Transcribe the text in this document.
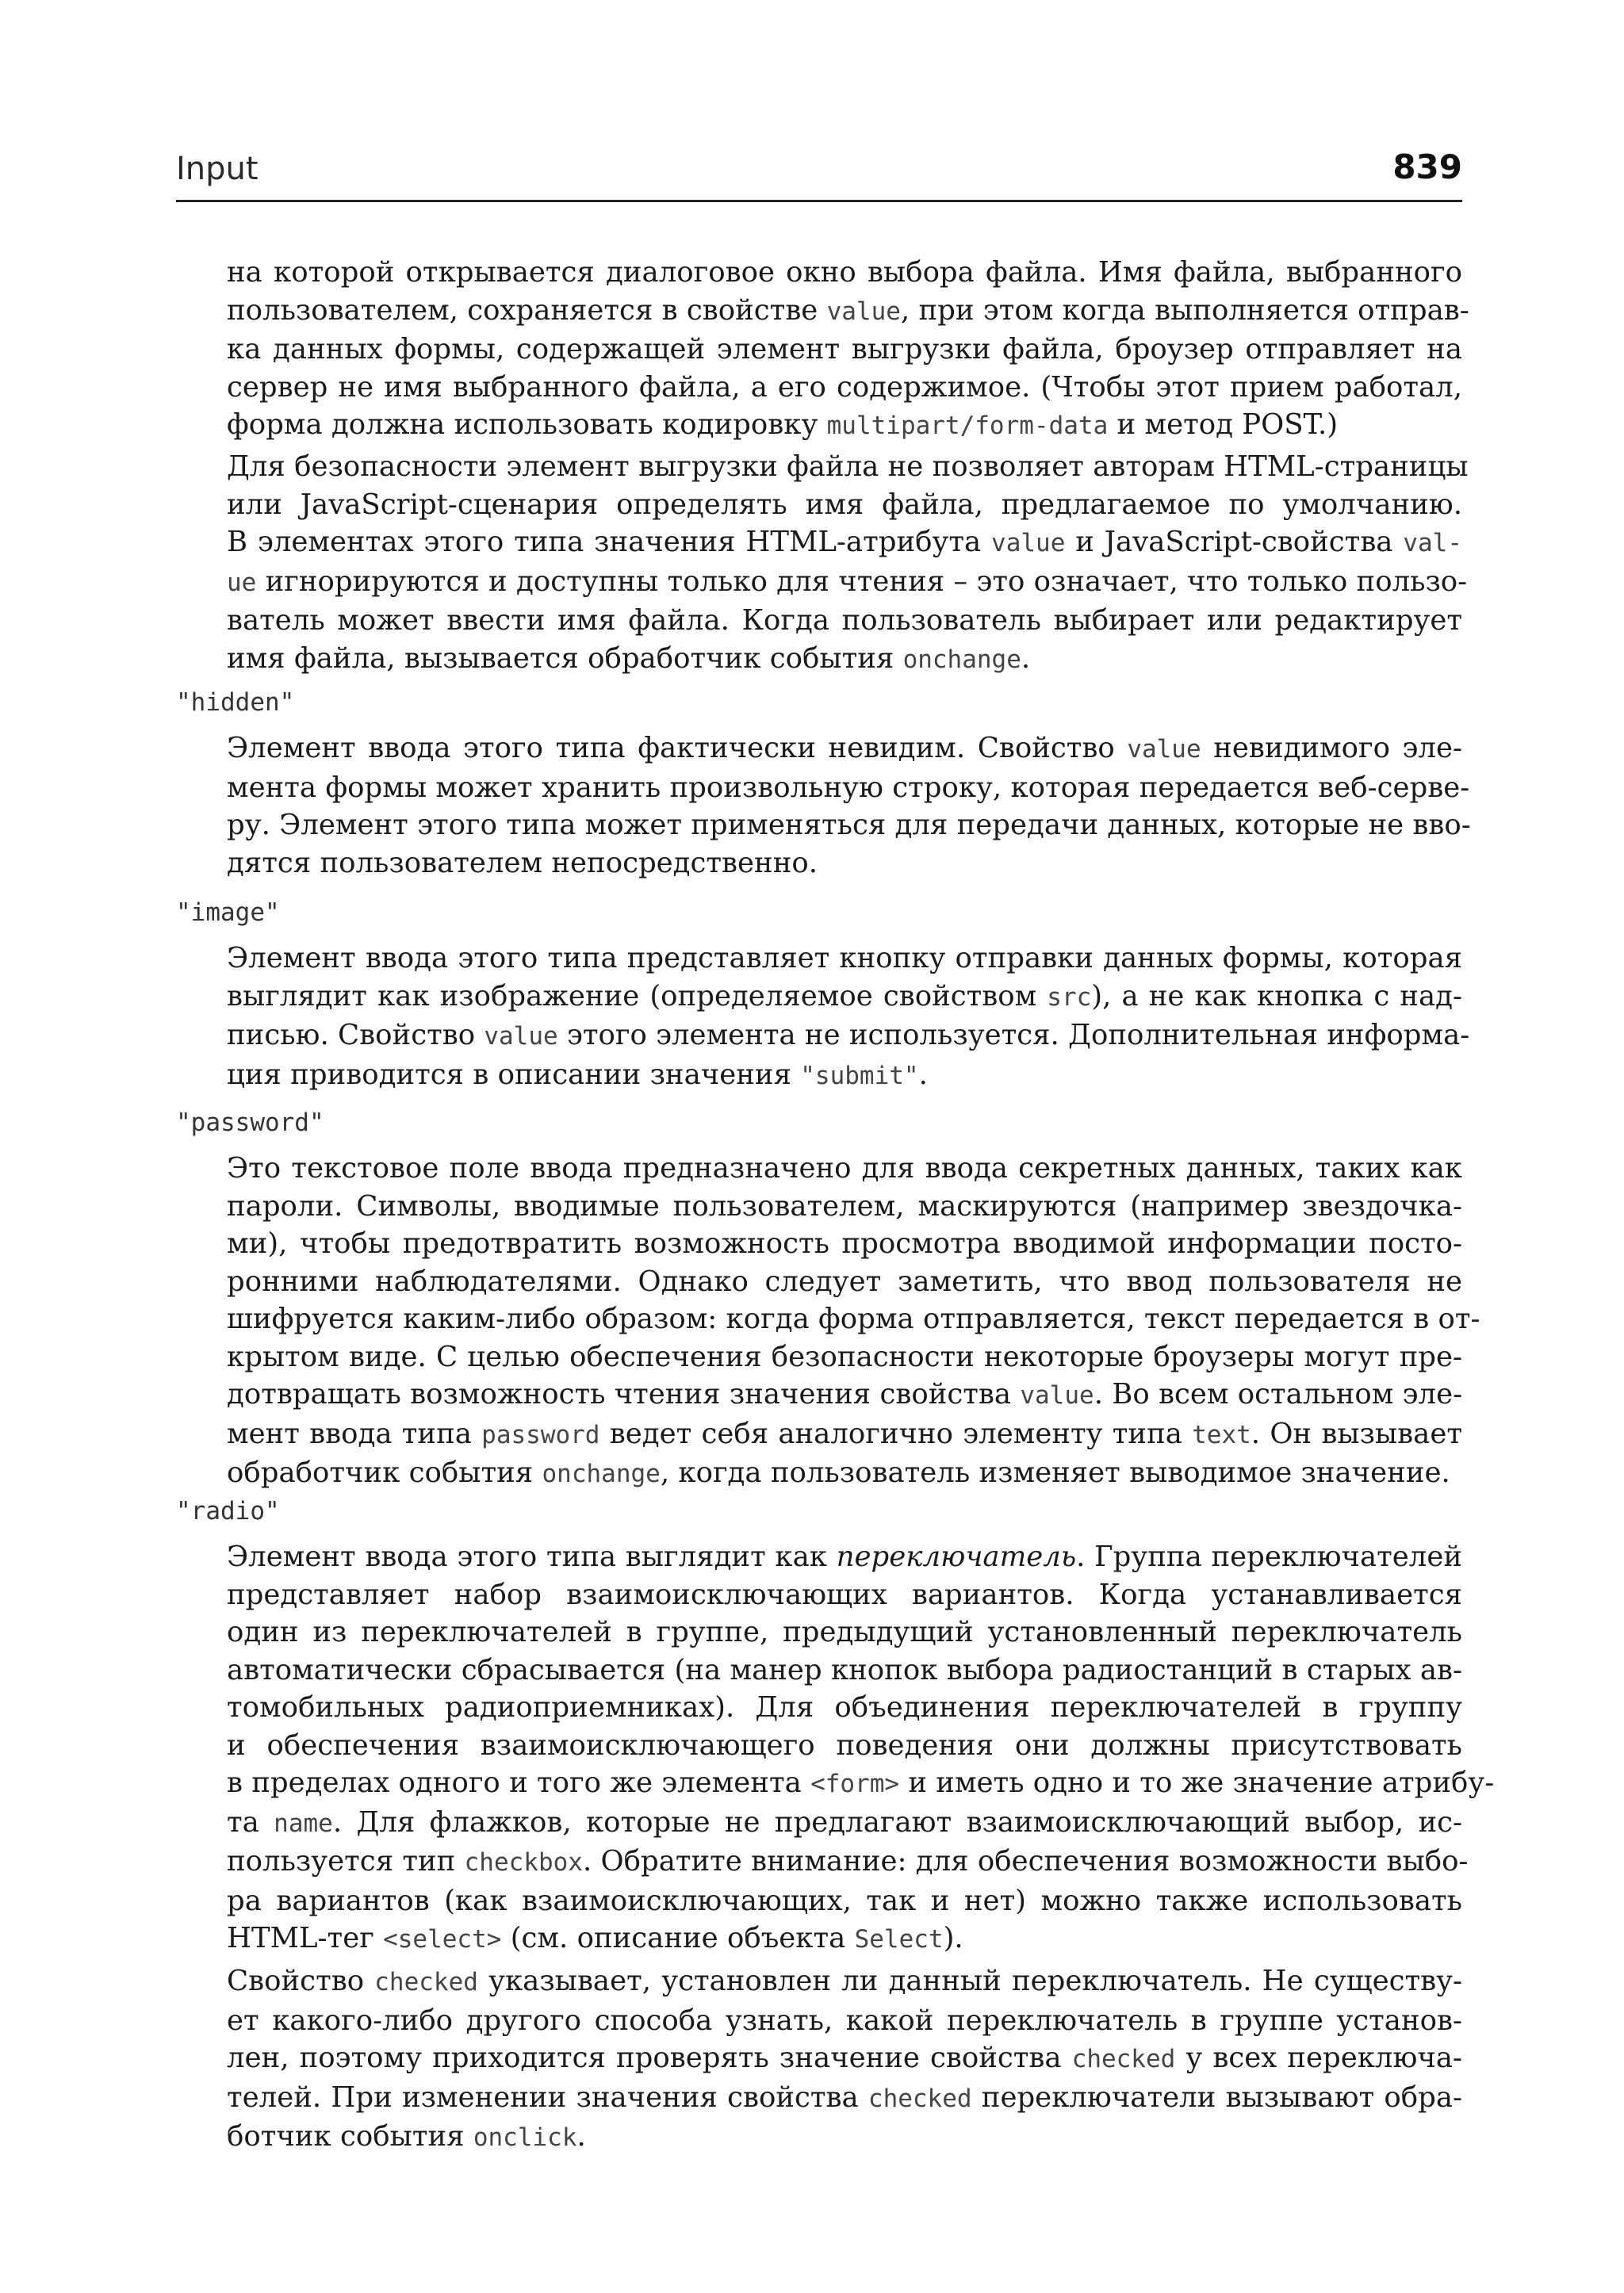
Input	839
"hidden"
"image"
"password"
"radio"
на которой открывается диалоговое окно выбора файла. Имя файла, выбранного
пользователем, сохраняется в свойстве value, при этом когда выполняется отправ-
ка данных формы, содержащей элемент выгрузки файла, броузер отправляет на
сервер не имя выбранного файла, а его содержимое. (Чтобы этот прием работал,
форма должна использовать кодировку multipart/form-data и метод POST.)
Для безопасности элемент выгрузки файла не позволяет авторам HTML-страницы
или JavaScript-сценария определять имя файла, предлагаемое по умолчанию.
В элементах этого типа значения HTML-атрибута value и JavaScript-свойства val-
ue игнорируются и доступны только для чтения – это означает, что только пользо-
ватель может ввести имя файла. Когда пользователь выбирает или редактирует
имя файла, вызывается обработчик события onchange.
Элемент ввода этого типа фактически невидим. Свойство value невидимого эле-
мента формы может хранить произвольную строку, которая передается веб-серве-
ру. Элемент этого типа может применяться для передачи данных, которые не вво-
дятся пользователем непосредственно.
Элемент ввода этого типа представляет кнопку отправки данных формы, которая
выглядит как изображение (определяемое свойством src), а не как кнопка с над-
писью. Свойство value этого элемента не используется. Дополнительная информа-
ция приводится в описании значения "submit".
Это текстовое поле ввода предназначено для ввода секретных данных, таких как
пароли. Символы, вводимые пользователем, маскируются (например звездочка-
ми), чтобы предотвратить возможность просмотра вводимой информации посто-
ронними наблюдателями. Однако следует заметить, что ввод пользователя не
шифруется каким-либо образом: когда форма отправляется, текст передается в от-
крытом виде. С целью обеспечения безопасности некоторые броузеры могут пре-
дотвращать возможность чтения значения свойства value. Во всем остальном эле-
мент ввода типа password ведет себя аналогично элементу типа text. Он вызывает
обработчик события onchange, когда пользователь изменяет выводимое значение.
Элемент ввода этого типа выглядит как переключатель. Группа переключателей
представляет набор взаимоисключающих вариантов. Когда устанавливается
один из переключателей в группе, предыдущий установленный переключатель
автоматически сбрасывается (на манер кнопок выбора радиостанций в старых ав-
томобильных радиоприемниках). Для объединения переключателей в группу
и обеспечения взаимоисключающего поведения они должны присутствовать
в пределах одного и того же элемента <form> и иметь одно и то же значение атрибу-
та name. Для флажков, которые не предлагают взаимоисключающий выбор, ис-
пользуется тип checkbox. Обратите внимание: для обеспечения возможности выбо-
ра вариантов (как взаимоисключающих, так и нет) можно также использовать
HTML-тег <select> (см. описание объекта Select).
Свойство checked указывает, установлен ли данный переключатель. Не существу-
ет какого-либо другого способа узнать, какой переключатель в группе установ-
лен, поэтому приходится проверять значение свойства checked у всех переключа-
телей. При изменении значения свойства checked переключатели вызывают обра-
ботчик события onclick.
